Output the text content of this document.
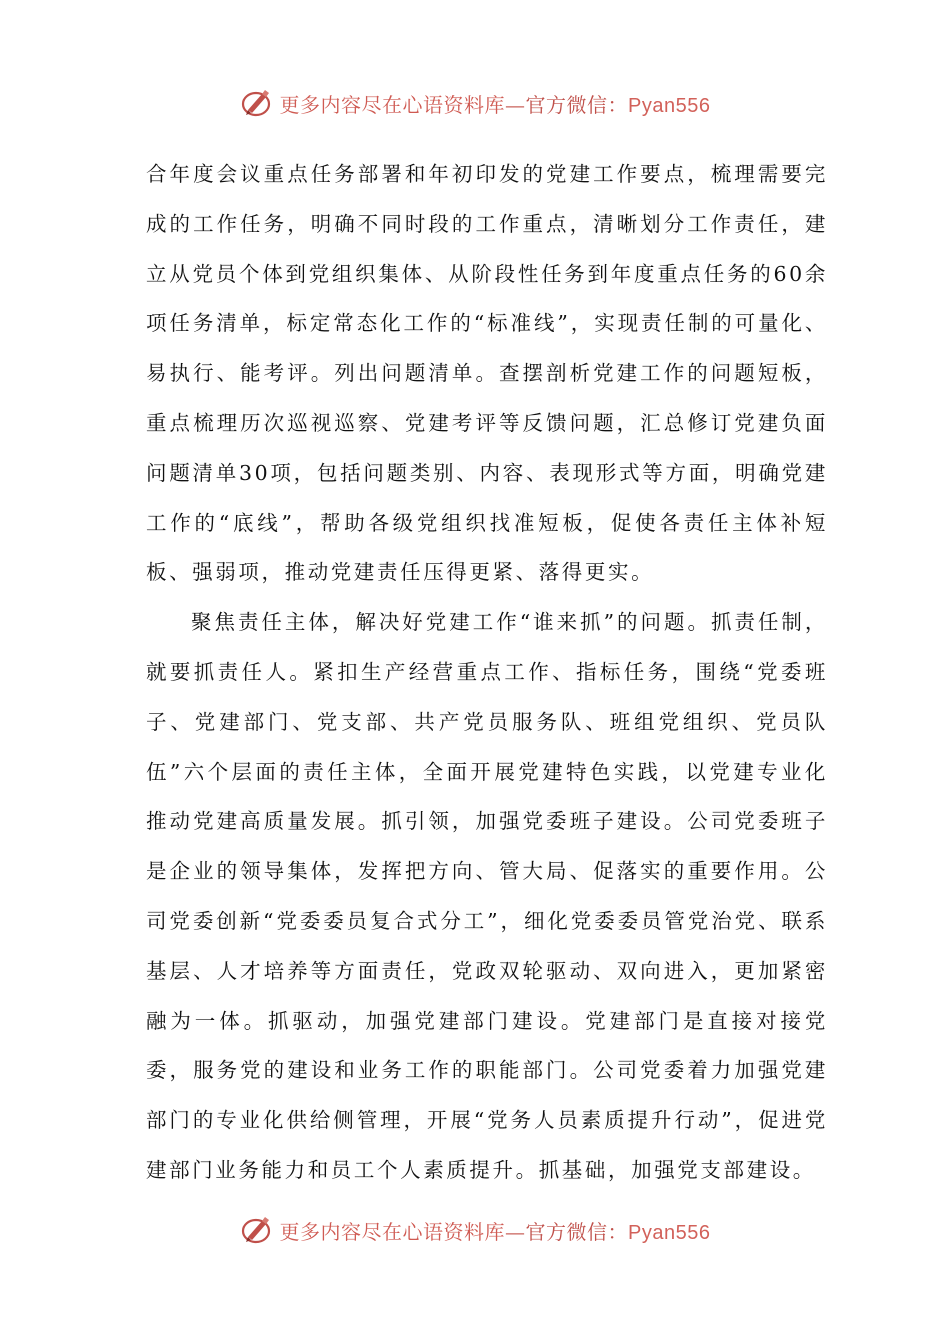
更多内容尽在心语资料库—官方微信：Pyan556

合年度会议重点任务部署和年初印发的党建工作要点，梳理需要完成的工作任务，明确不同时段的工作重点，清晰划分工作责任，建立从党员个体到党组织集体、从阶段性任务到年度重点任务的60余项任务清单，标定常态化工作的“标准线”，实现责任制的可量化、易执行、能考评。列出问题清单。查摆剖析党建工作的问题短板，重点梳理历次巡视巡察、党建考评等反馈问题，汇总修订党建负面问题清单30项，包括问题类别、内容、表现形式等方面，明确党建工作的“底线”，帮助各级党组织找准短板，促使各责任主体补短板、强弱项，推动党建责任压得更紧、落得更实。

聚焦责任主体，解决好党建工作“谁来抓”的问题。抓责任制，就要抓责任人。紧扣生产经营重点工作、指标任务，围绕“党委班子、党建部门、党支部、共产党员服务队、班组党组织、党员队伍”六个层面的责任主体，全面开展党建特色实践，以党建专业化推动党建高质量发展。抓引领，加强党委班子建设。公司党委班子是企业的领导集体，发挥把方向、管大局、促落实的重要作用。公司党委创新“党委委员复合式分工”，细化党委委员管党治党、联系基层、人才培养等方面责任，党政双轮驱动、双向进入，更加紧密融为一体。抓驱动，加强党建部门建设。党建部门是直接对接党委，服务党的建设和业务工作的职能部门。公司党委着力加强党建部门的专业化供给侧管理，开展“党务人员素质提升行动”，促进党建部门业务能力和员工个人素质提升。抓基础，加强党支部建设。

更多内容尽在心语资料库—官方微信：Pyan556
